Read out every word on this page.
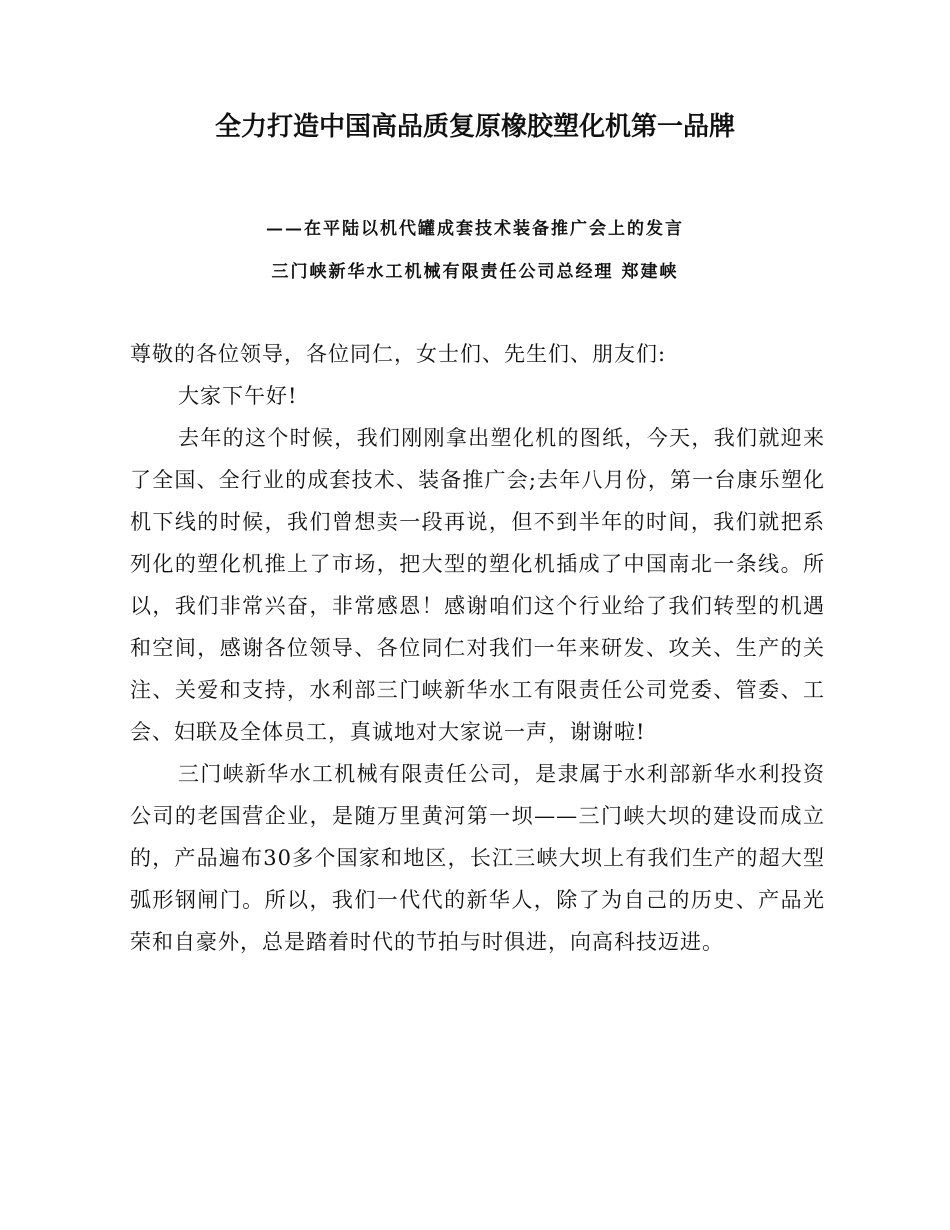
全力打造中国高品质复原橡胶塑化机第一品牌
——在平陆以机代罐成套技术装备推广会上的发言
三门峡新华水工机械有限责任公司总经理 郑建峡

尊敬的各位领导，各位同仁，女士们、先生们、朋友们:

大家下午好!

去年的这个时候，我们刚刚拿出塑化机的图纸，今天，我们就迎来了全国、全行业的成套技术、装备推广会;去年八月份，第一台康乐塑化机下线的时候，我们曾想卖一段再说，但不到半年的时间，我们就把系列化的塑化机推上了市场，把大型的塑化机插成了中国南北一条线。所以，我们非常兴奋，非常感恩！感谢咱们这个行业给了我们转型的机遇和空间，感谢各位领导、各位同仁对我们一年来研发、攻关、生产的关注、关爱和支持，水利部三门峡新华水工有限责任公司党委、管委、工会、妇联及全体员工，真诚地对大家说一声，谢谢啦!

三门峡新华水工机械有限责任公司，是隶属于水利部新华水利投资公司的老国营企业，是随万里黄河第一坝——三门峡大坝的建设而成立的，产品遍布30多个国家和地区，长江三峡大坝上有我们生产的超大型弧形钢闸门。所以，我们一代代的新华人，除了为自己的历史、产品光荣和自豪外，总是踏着时代的节拍与时俱进，向高科技迈进。
